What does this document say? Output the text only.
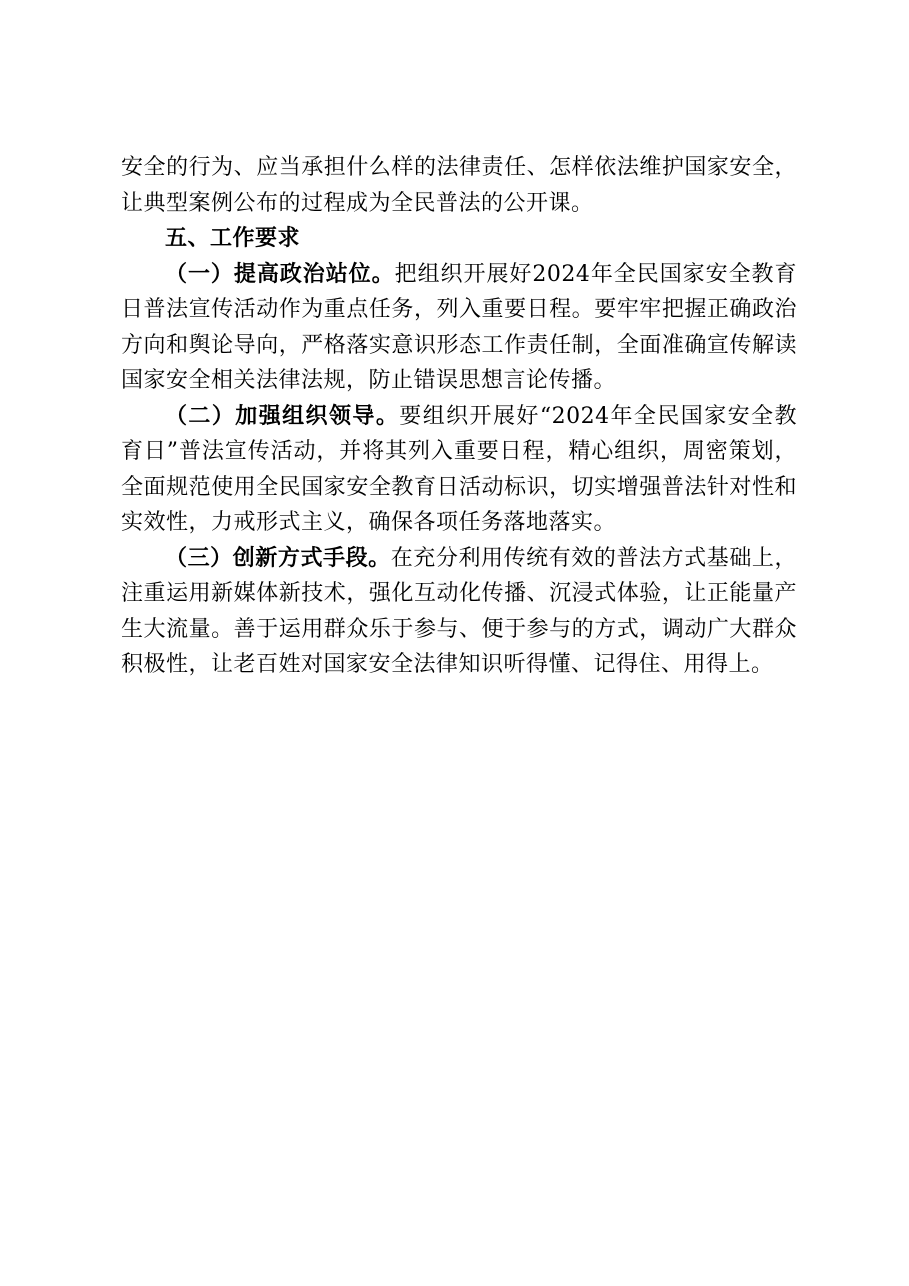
安全的行为、应当承担什么样的法律责任、怎样依法维护国家安全，让典型案例公布的过程成为全民普法的公开课。

五、工作要求

（一）提高政治站位。把组织开展好2024年全民国家安全教育日普法宣传活动作为重点任务，列入重要日程。要牢牢把握正确政治方向和舆论导向，严格落实意识形态工作责任制，全面准确宣传解读国家安全相关法律法规，防止错误思想言论传播。

（二）加强组织领导。要组织开展好“2024年全民国家安全教育日”普法宣传活动，并将其列入重要日程，精心组织，周密策划，全面规范使用全民国家安全教育日活动标识，切实增强普法针对性和实效性，力戒形式主义，确保各项任务落地落实。

（三）创新方式手段。在充分利用传统有效的普法方式基础上，注重运用新媒体新技术，强化互动化传播、沉浸式体验，让正能量产生大流量。善于运用群众乐于参与、便于参与的方式，调动广大群众积极性，让老百姓对国家安全法律知识听得懂、记得住、用得上。
